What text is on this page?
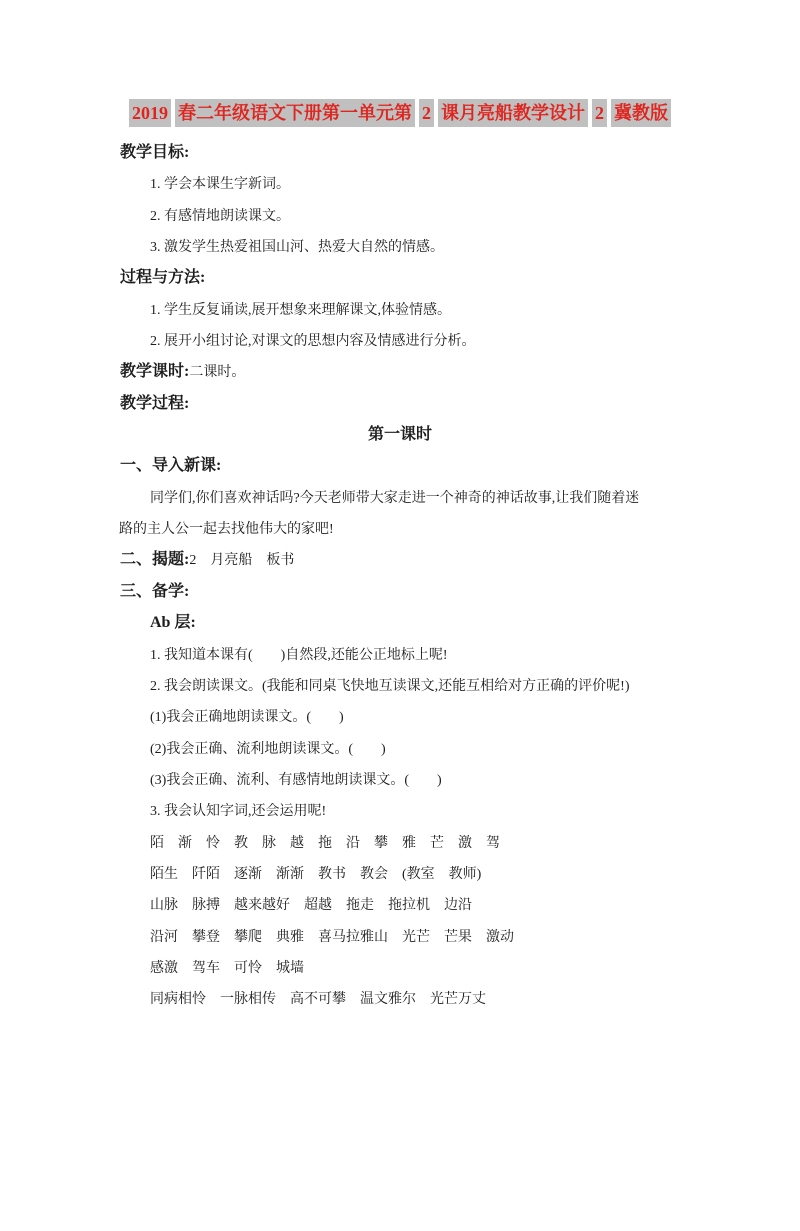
2019 春二年级语文下册第一单元第 2 课月亮船教学设计 2 冀教版
教学目标:
1. 学会本课生字新词。
2. 有感情地朗读课文。
3. 激发学生热爱祖国山河、热爱大自然的情感。
过程与方法:
1. 学生反复诵读,展开想象来理解课文,体验情感。
2. 展开小组讨论,对课文的思想内容及情感进行分析。
教学课时:二课时。
教学过程:
第一课时
一、导入新课:
同学们,你们喜欢神话吗?今天老师带大家走进一个神奇的神话故事,让我们随着迷
路的主人公一起去找他伟大的家吧!
二、揭题:2　月亮船　板书
三、备学:
Ab 层:
1. 我知道本课有(　　)自然段,还能公正地标上呢!
2. 我会朗读课文。(我能和同桌飞快地互读课文,还能互相给对方正确的评价呢!)
(1)我会正确地朗读课文。(　　)
(2)我会正确、流利地朗读课文。(　　)
(3)我会正确、流利、有感情地朗读课文。(　　)
3. 我会认知字词,还会运用呢!
陌　渐　怜　教　脉　越　拖　沿　攀　雅　芒　激　驾
陌生　阡陌　逐渐　渐渐　教书　教会　(教室　教师)
山脉　脉搏　越来越好　超越　拖走　拖拉机　边沿
沿河　攀登　攀爬　典雅　喜马拉雅山　光芒　芒果　激动
感激　驾车　可怜　城墙
同病相怜　一脉相传　高不可攀　温文雅尔　光芒万丈
